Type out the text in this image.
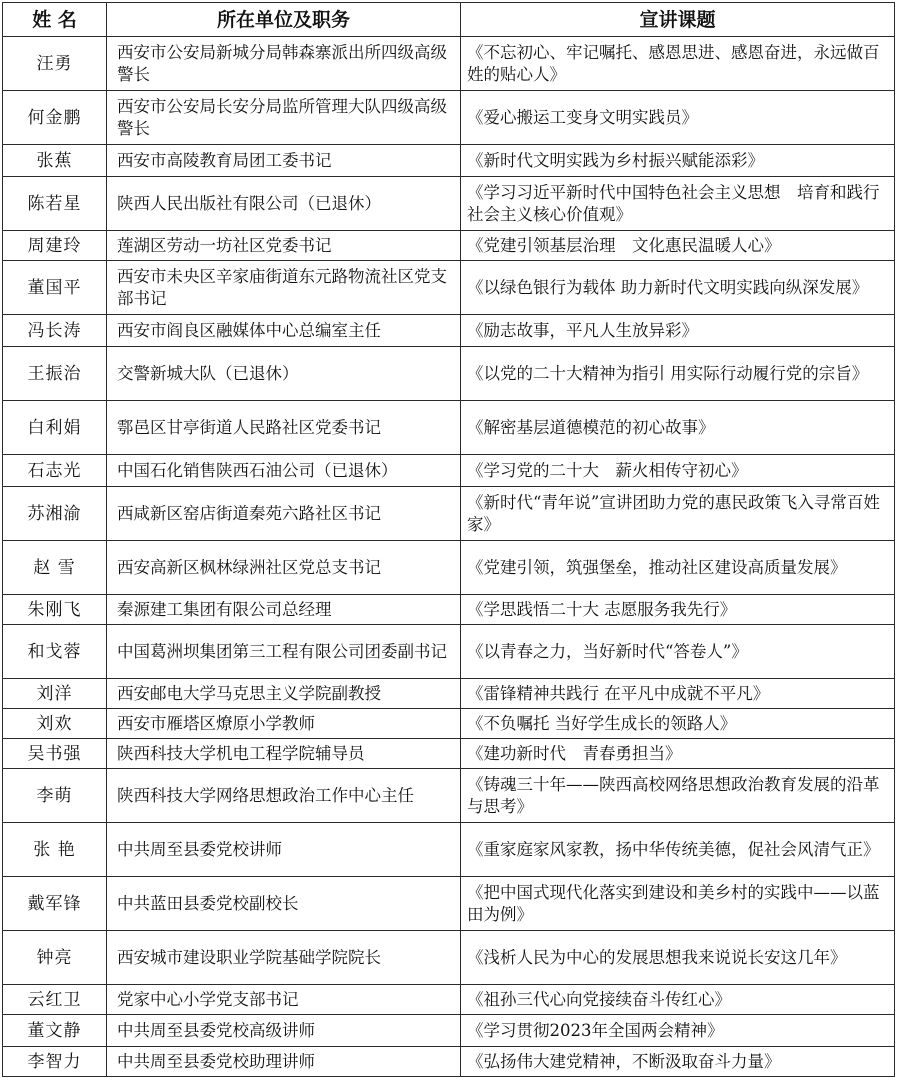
姓 名	所在单位及职务	宣讲课题
汪勇	西安市公安局新城分局韩森寨派出所四级高级警长	《不忘初心、牢记嘱托、感恩思进、感恩奋进，永远做百姓的贴心人》
何金鹏	西安市公安局长安分局监所管理大队四级高级警长	《爱心搬运工变身文明实践员》
张蕉	西安市高陵教育局团工委书记	《新时代文明实践为乡村振兴赋能添彩》
陈若星	陕西人民出版社有限公司（已退休）	《学习习近平新时代中国特色社会主义思想　培育和践行社会主义核心价值观》
周建玲	莲湖区劳动一坊社区党委书记	《党建引领基层治理　文化惠民温暖人心》
董国平	西安市未央区辛家庙街道东元路物流社区党支部书记	《以绿色银行为载体 助力新时代文明实践向纵深发展》
冯长涛	西安市阎良区融媒体中心总编室主任	《励志故事，平凡人生放异彩》
王振治	交警新城大队（已退休）	《以党的二十大精神为指引 用实际行动履行党的宗旨》
白利娟	鄠邑区甘亭街道人民路社区党委书记	《解密基层道德模范的初心故事》
石志光	中国石化销售陕西石油公司（已退休）	《学习党的二十大　薪火相传守初心》
苏湘渝	西咸新区窑店街道秦苑六路社区书记	《新时代“青年说”宣讲团助力党的惠民政策飞入寻常百姓家》
赵 雪	西安高新区枫林绿洲社区党总支书记	《党建引领，筑强堡垒，推动社区建设高质量发展》
朱刚飞	秦源建工集团有限公司总经理	《学思践悟二十大 志愿服务我先行》
和戈蓉	中国葛洲坝集团第三工程有限公司团委副书记	《以青春之力，当好新时代“答卷人”》
刘洋	西安邮电大学马克思主义学院副教授	《雷锋精神共践行 在平凡中成就不平凡》
刘欢	西安市雁塔区燎原小学教师	《不负嘱托 当好学生成长的领路人》
吴书强	陕西科技大学机电工程学院辅导员	《建功新时代　青春勇担当》
李萌	陕西科技大学网络思想政治工作中心主任	《铸魂三十年——陕西高校网络思想政治教育发展的沿革与思考》
张 艳	中共周至县委党校讲师	《重家庭家风家教，扬中华传统美德，促社会风清气正》
戴军锋	中共蓝田县委党校副校长	《把中国式现代化落实到建设和美乡村的实践中——以蓝田为例》
钟亮	西安城市建设职业学院基础学院院长	《浅析人民为中心的发展思想我来说说长安这几年》
云红卫	党家中心小学党支部书记	《祖孙三代心向党接续奋斗传红心》
董文静	中共周至县委党校高级讲师	《学习贯彻2023年全国两会精神》
李智力	中共周至县委党校助理讲师	《弘扬伟大建党精神，不断汲取奋斗力量》
